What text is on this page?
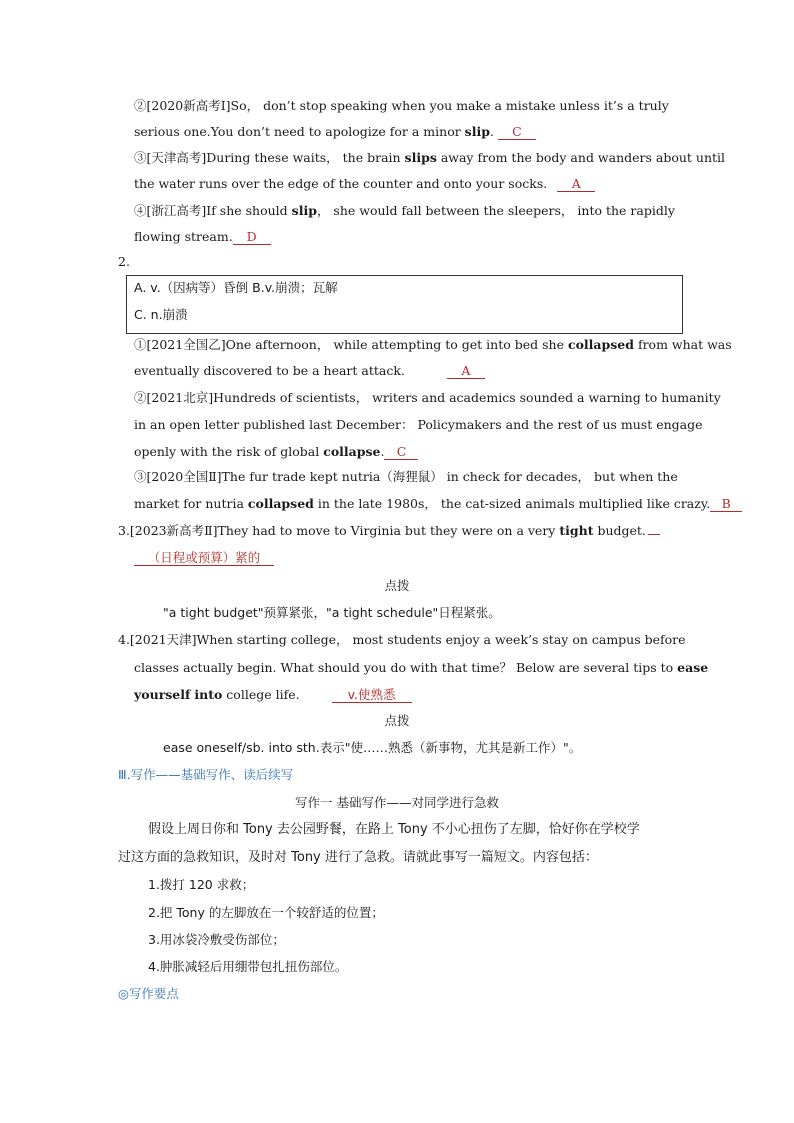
②[2020新高考Ⅰ]So， don’t stop speaking when you make a mistake unless it’s a truly
serious one.You don’t need to apologize for a minor slip. C
③[天津高考]During these waits， the brain slips away from the body and wanders about until
the water runs over the edge of the counter and onto your socks. A
④[浙江高考]If she should slip， she would fall between the sleepers， into the rapidly
flowing stream. D
2.
A. v.（因病等）昏倒 B.v.崩溃；瓦解
C. n.崩溃
①[2021全国乙]One afternoon， while attempting to get into bed she collapsed from what was
eventually discovered to be a heart attack.	A
②[2021北京]Hundreds of scientists， writers and academics sounded a warning to humanity
in an open letter published last December： Policymakers and the rest of us must engage
openly with the risk of global collapse. C
③[2020全国Ⅱ]The fur trade kept nutria（海狸鼠） in check for decades， but when the
market for nutria collapsed in the late 1980s， the cat-sized animals multiplied like crazy. B
3.[2023新高考Ⅱ]They had to move to Virginia but they were on a very tight budget.
（日程或预算）紧的
点拨
"a tight budget"预算紧张，"a tight schedule"日程紧张。
4.[2021天津]When starting college， most students enjoy a week’s stay on campus before
classes actually begin. What should you do with that time？ Below are several tips to ease
yourself into college life.	v.使熟悉
点拨
ease oneself/sb. into sth.表示"使……熟悉（新事物，尤其是新工作）"。
Ⅲ.写作——基础写作、读后续写
写作一 基础写作——对同学进行急救
假设上周日你和 Tony 去公园野餐，在路上 Tony 不小心扭伤了左脚，恰好你在学校学
过这方面的急救知识，及时对 Tony 进行了急救。请就此事写一篇短文。内容包括：
1.拨打 120 求救；
2.把 Tony 的左脚放在一个较舒适的位置；
3.用冰袋冷敷受伤部位；
4.肿胀减轻后用绷带包扎扭伤部位。
◎写作要点
